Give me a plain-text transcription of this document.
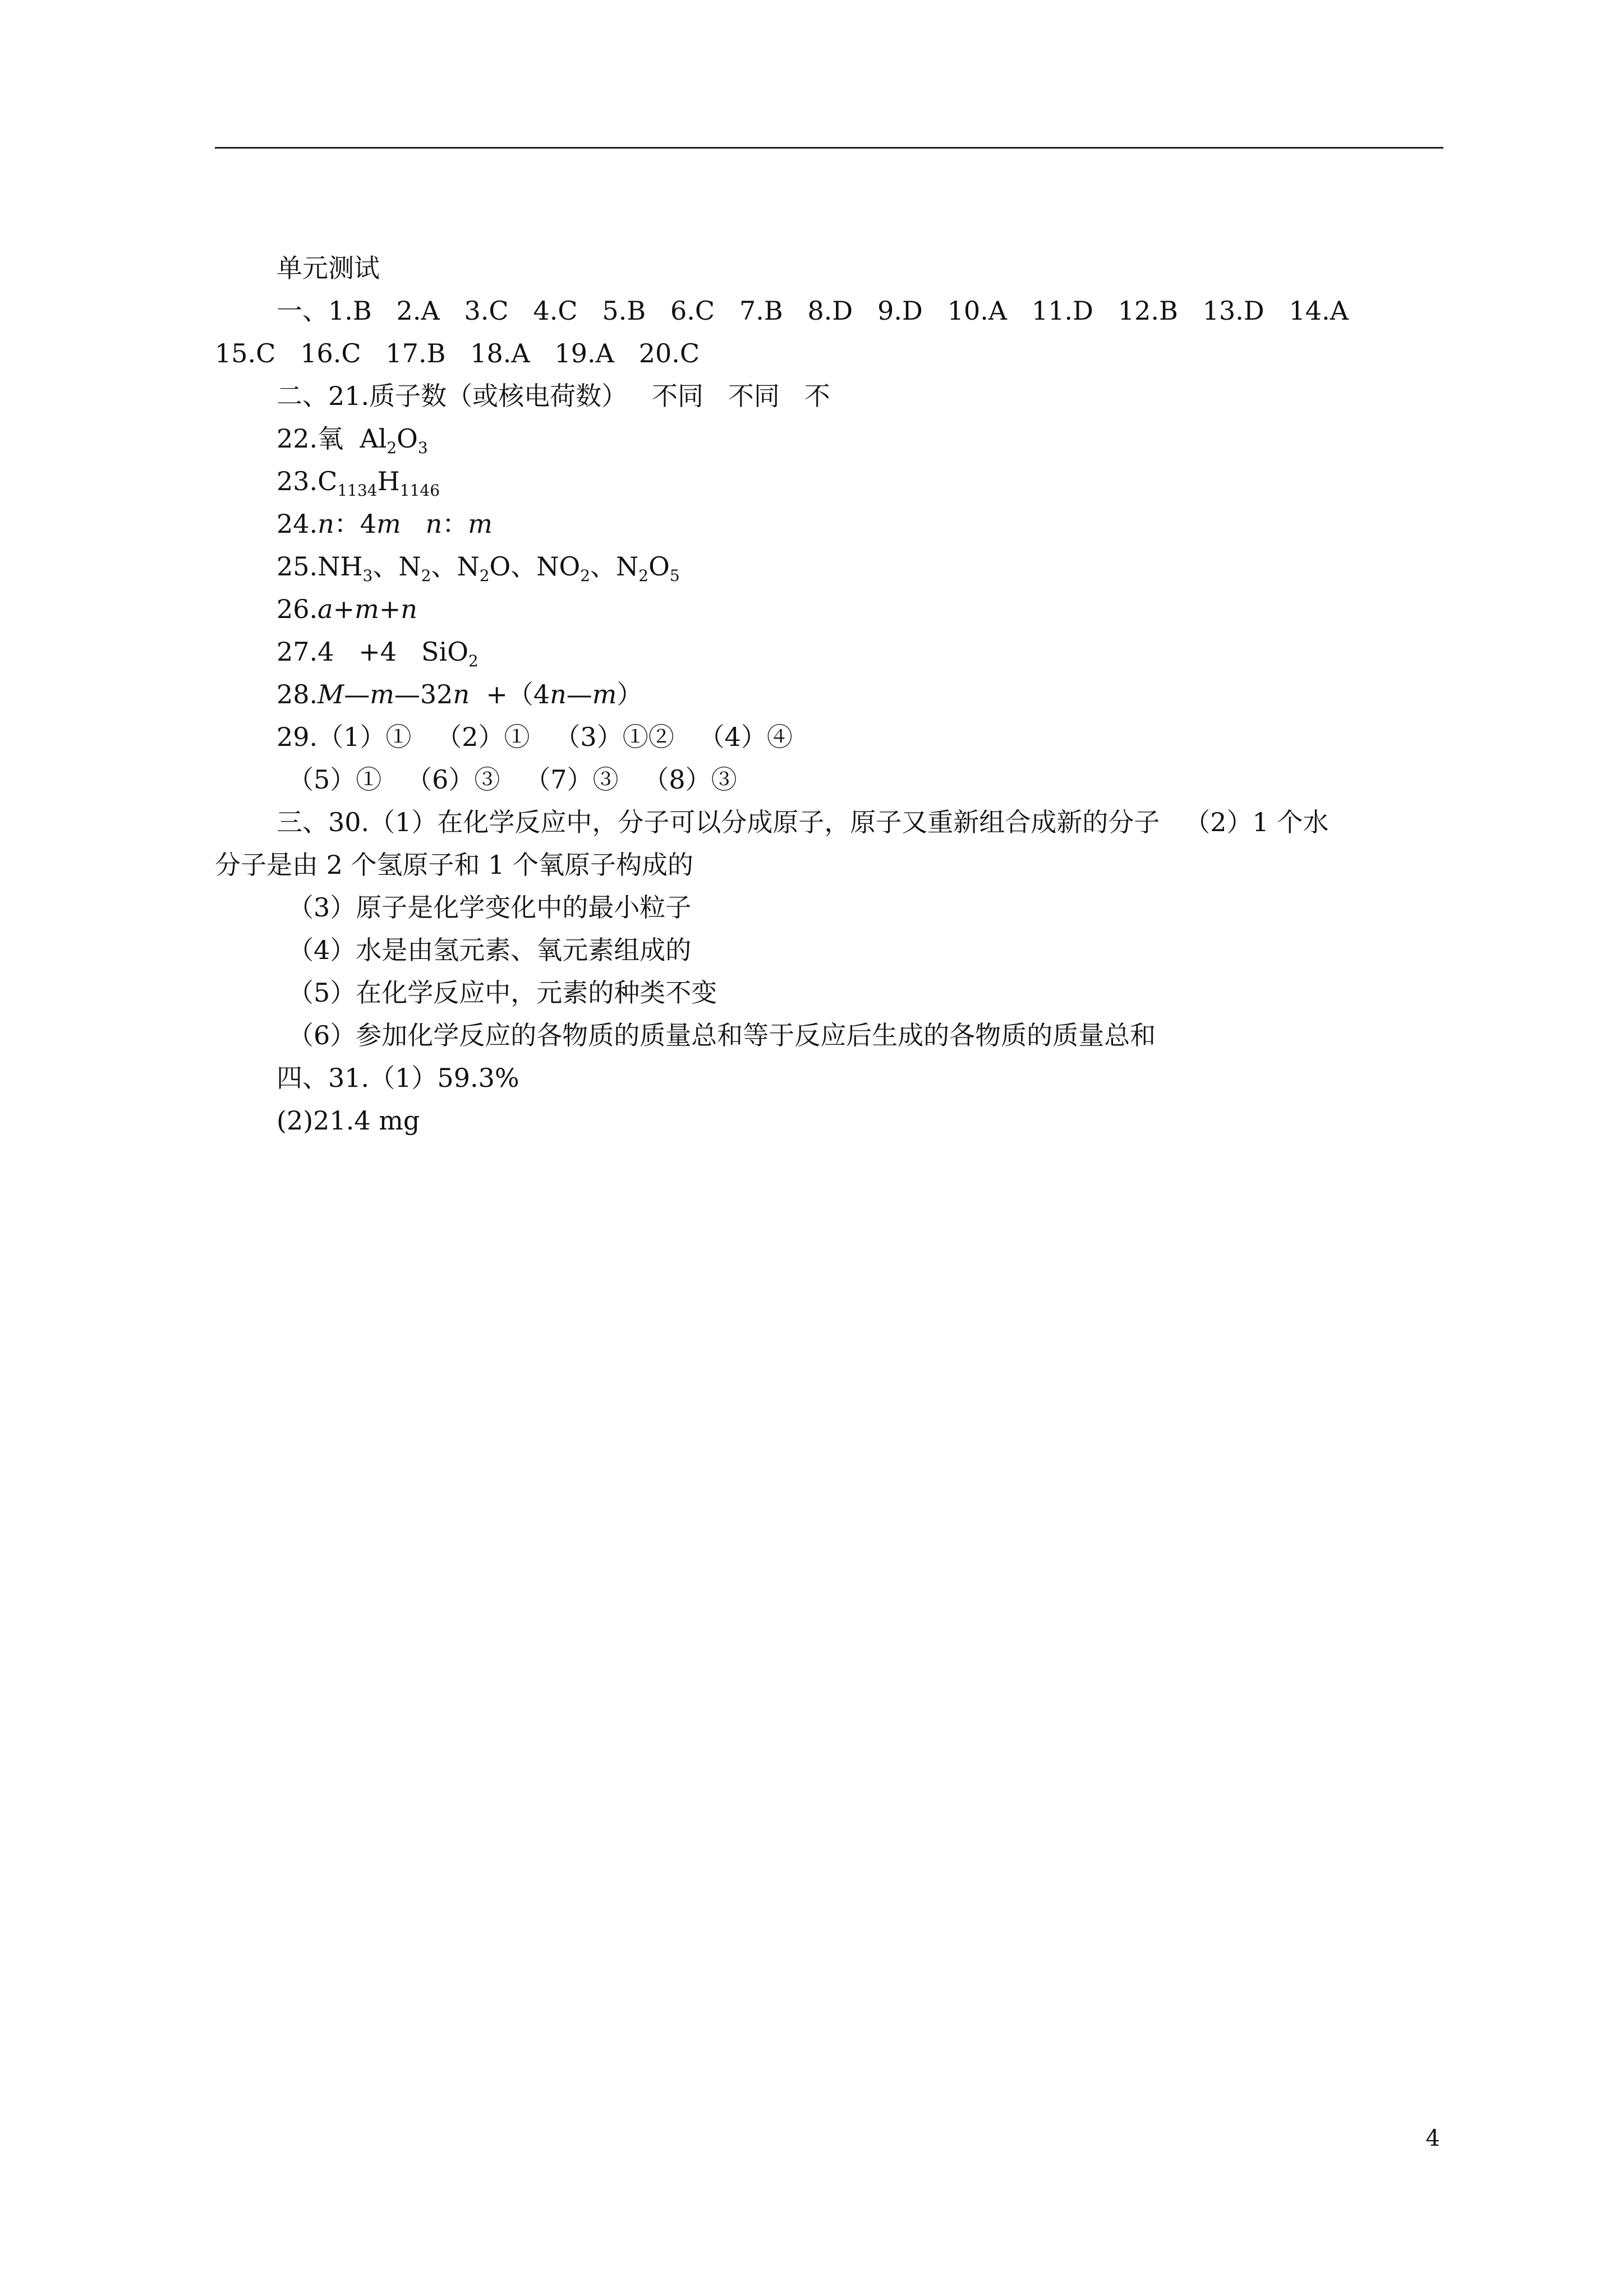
单元测试
一、1.B   2.A   3.C   4.C   5.B   6.C   7.B   8.D   9.D   10.A   11.D   12.B   13.D   14.A
15.C   16.C   17.B   18.A   19.A   20.C
二、21.质子数（或核电荷数）   不同   不同   不
22.氧  $Al_2O_3$
$23.C_{1134}H_{1146}$
24.n：4m n：m
$25.NH_3$、$N_2$、$N_2O$、$NO_2$、$N_2O_5$
26.a+m+n
27.4   +4   SiO$_2$
28.M—m—32n  +（4n—m）
29.（1）①   （2）①   （3）①②   （4）④
（5）①   （6）③   （7）③   （8）③
三、30.（1）在化学反应中，分子可以分成原子，原子又重新组合成新的分子   （2）1 个水
分子是由 2 个氢原子和 1 个氧原子构成的
（3）原子是化学变化中的最小粒子
（4）水是由氢元素、氧元素组成的
（5）在化学反应中，元素的种类不变
（6）参加化学反应的各物质的质量总和等于反应后生成的各物质的质量总和
四、31.（1）59.3%
(2)21.4 mg
4
